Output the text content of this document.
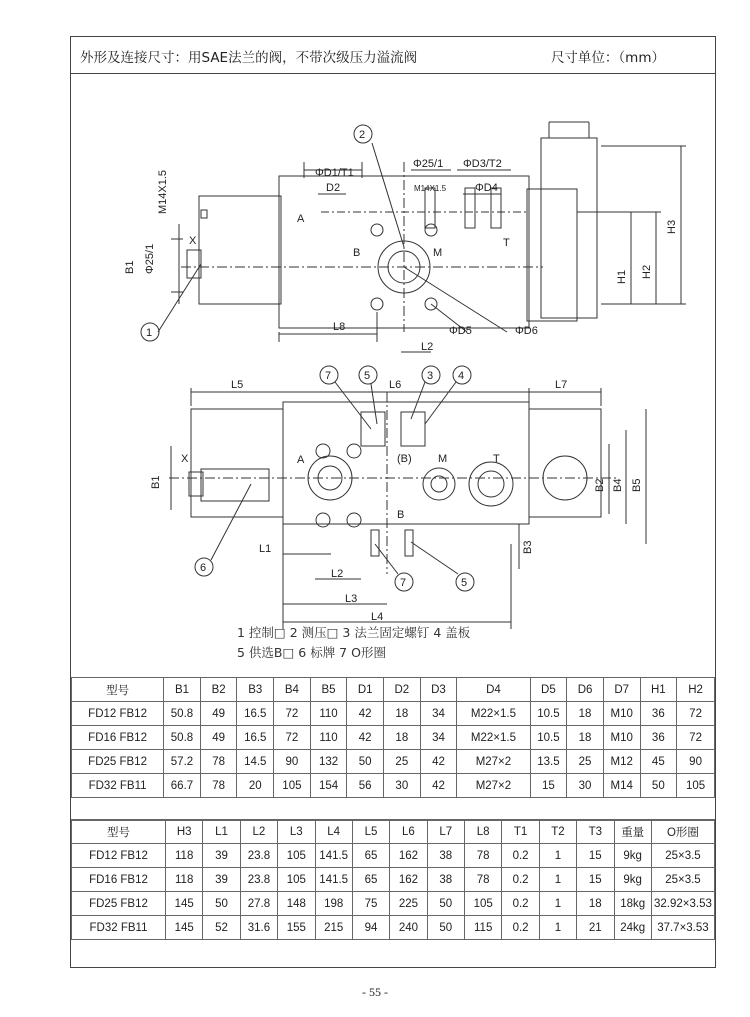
外形及连接尺寸：用SAE法兰的阀，不带次级压力溢流阀	尺寸单位：（mm）
ΦD1/T1
D2
Φ25/1
M14X1.5
ΦD3/T2
ΦD4
H3
H2
H1
M14X1.5
B1 Φ25/1
X
L8
L2
ΦD5	ΦD6
A
B	M
T
2
1
L5	L6	L7
B1	B2 B4 B5
B3
L1
L2
L3
L4
X	A	(B) M	T
B
7	5	3 4
6
7	5
1 控制□ 2 测压□ 3 法兰固定螺钉 4 盖板
5 供选B□ 6 标牌 7 O形圈
型号	B1	B2	B3	B4	B5	D1	D2	D3	D4	D5	D6	D7	H1	H2
FD12 FB12	50.8	49	16.5	72	110	42	18	34	M22×1.5	10.5	18	M10	36	72
FD16 FB12	50.8	49	16.5	72	110	42	18	34	M22×1.5	10.5	18	M10	36	72
FD25 FB12	57.2	78	14.5	90	132	50	25	42	M27×2	13.5	25	M12	45	90
FD32 FB11	66.7	78	20	105	154	56	30	42	M27×2	15	30	M14	50	105
型号	H3	L1	L2	L3	L4	L5	L6	L7	L8	T1	T2	T3	重量	O形圈
FD12 FB12	118	39	23.8	105	141.5	65	162	38	78	0.2	1	15	9kg	25×3.5
FD16 FB12	118	39	23.8	105	141.5	65	162	38	78	0.2	1	15	9kg	25×3.5
FD25 FB12	145	50	27.8	148	198	75	225	50	105	0.2	1	18	18kg	32.92×3.53
FD32 FB11	145	52	31.6	155	215	94	240	50	115	0.2	1	21	24kg	37.7×3.53
- 55 -
